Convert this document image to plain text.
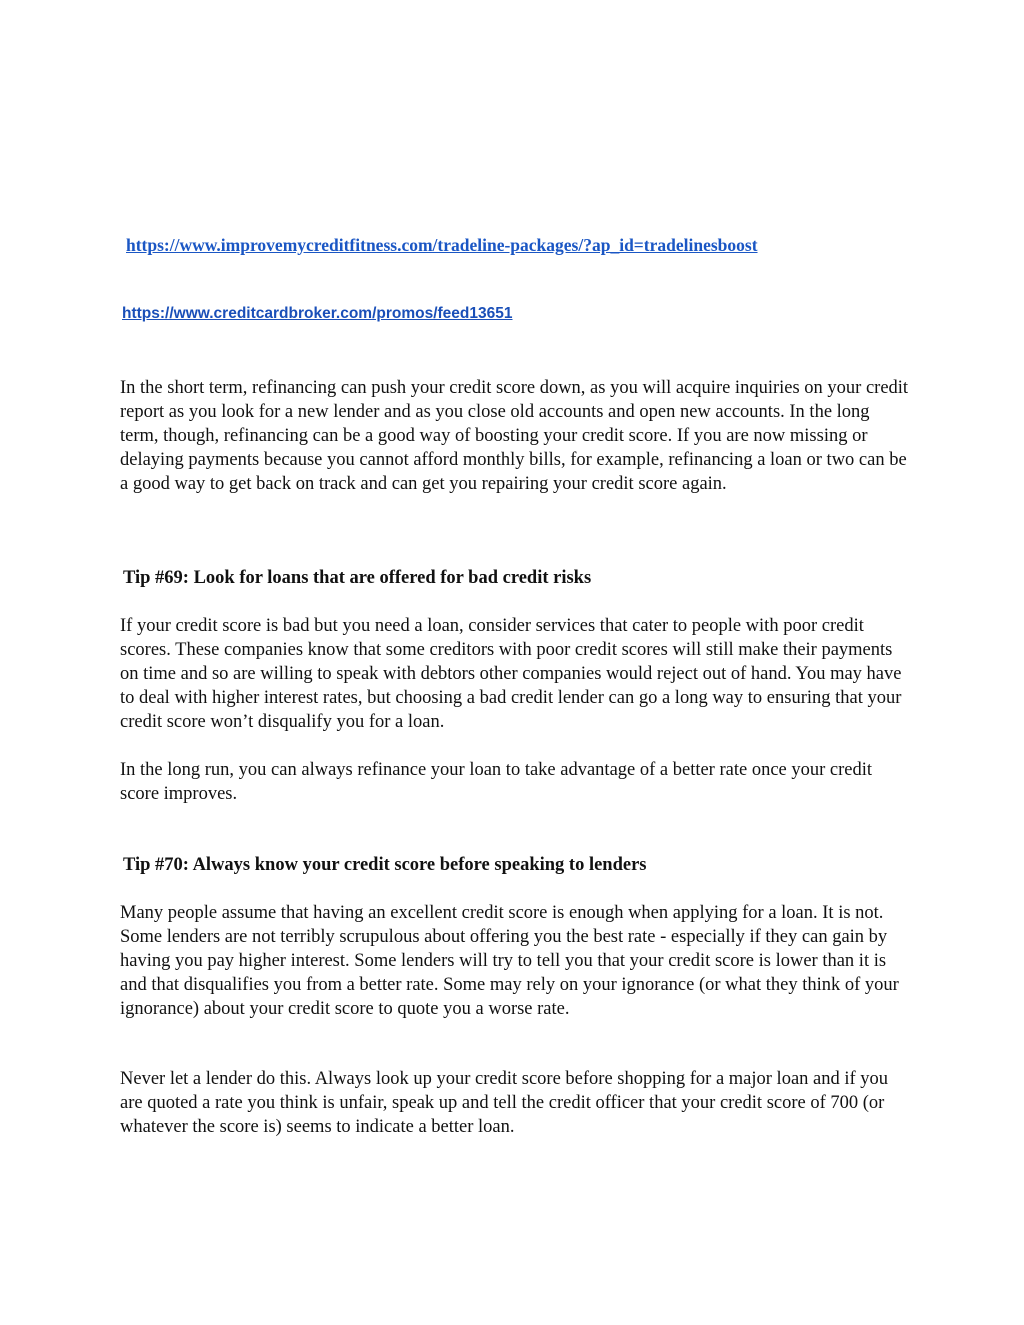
https://www.improvemycreditfitness.com/tradeline-packages/?ap_id=tradelinesboost
https://www.creditcardbroker.com/promos/feed13651

In the short term, refinancing can push your credit score down, as you will acquire inquiries on your credit report as you look for a new lender and as you close old accounts and open new accounts. In the long term, though, refinancing can be a good way of boosting your credit score. If you are now missing or delaying payments because you cannot afford monthly bills, for example, refinancing a loan or two can be a good way to get back on track and can get you repairing your credit score again.

Tip #69: Look for loans that are offered for bad credit risks

If your credit score is bad but you need a loan, consider services that cater to people with poor credit scores. These companies know that some creditors with poor credit scores will still make their payments on time and so are willing to speak with debtors other companies would reject out of hand. You may have to deal with higher interest rates, but choosing a bad credit lender can go a long way to ensuring that your credit score won’t disqualify you for a loan.

In the long run, you can always refinance your loan to take advantage of a better rate once your credit score improves.

Tip #70: Always know your credit score before speaking to lenders

Many people assume that having an excellent credit score is enough when applying for a loan. It is not. Some lenders are not terribly scrupulous about offering you the best rate - especially if they can gain by having you pay higher interest. Some lenders will try to tell you that your credit score is lower than it is and that disqualifies you from a better rate. Some may rely on your ignorance (or what they think of your ignorance) about your credit score to quote you a worse rate.

Never let a lender do this. Always look up your credit score before shopping for a major loan and if you are quoted a rate you think is unfair, speak up and tell the credit officer that your credit score of 700 (or whatever the score is) seems to indicate a better loan.
